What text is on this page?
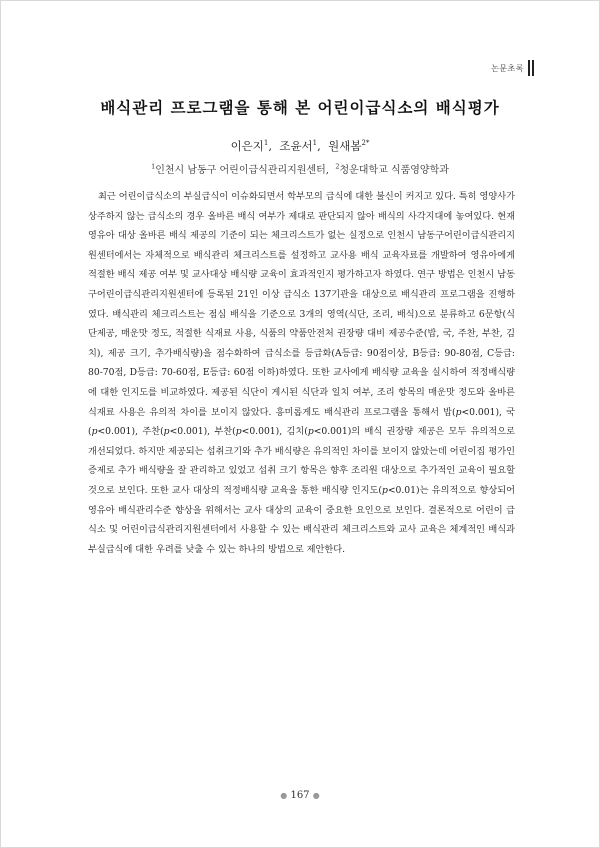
논문초록
배식관리 프로그램을 통해 본 어린이급식소의 배식평가
이은지$^1$,  조윤서$^1$,  원새봄$^{2*}$
$^1$인천시 남동구 어린이급식관리지원센터,  $^2$청운대학교 식품영양학과

최근 어린이급식소의 부실급식이 이슈화되면서 학부모의 급식에 대한 불신이 커지고 있다. 특히 영양사가 상주하지 않는 급식소의 경우 올바른 배식 여부가 제대로 판단되지 않아 배식의 사각지대에 놓여있다. 현재 영유아 대상 올바른 배식 제공의 기준이 되는 체크리스트가 없는 실정으로 인천시 남동구어린이급식관리지원센터에서는 자체적으로 배식관리 체크리스트를 설정하고 교사용 배식 교육자료를 개발하여 영유아에게 적절한 배식 제공 여부 및 교사대상 배식량 교육이 효과적인지 평가하고자 하였다. 연구 방법은 인천시 남동구어린이급식관리지원센터에 등록된 21인 이상 급식소 137기관을 대상으로 배식관리 프로그램을 진행하였다. 배식관리 체크리스트는 점심 배식을 기준으로 3개의 영역(식단, 조리, 배식)으로 분류하고 6문항(식단제공, 매운맛 정도, 적절한 식재료 사용, 식품의 약품안전처 권장량 대비 제공수준(밥, 국, 주찬, 부찬, 김치), 제공 크기, 추가배식량)을 점수화하여 급식소를 등급화(A등급: 90점이상, B등급: 90-80점, C등급: 80-70점, D등급: 70-60점, E등급: 60점 이하)하였다. 또한 교사에게 배식량 교육을 실시하여 적정배식량에 대한 인지도를 비교하였다. 제공된 식단이 게시된 식단과 일치 여부, 조리 항목의 매운맛 정도와 올바른 식재료 사용은 유의적 차이를 보이지 않았다. 흥미롭게도 배식관리 프로그램을 통해서 밥(p<0.001), 국(p<0.001), 주찬(p<0.001), 부찬(p<0.001), 김치(p<0.001)의 배식 권장량 제공은 모두 유의적으로 개선되었다. 하지만 제공되는 섭취크기와 추가 배식량은 유의적인 차이를 보이지 않았는데 어린이집 평가인증제로 추가 배식량을 잘 관리하고 있었고 섭취 크기 항목은 향후 조리원 대상으로 추가적인 교육이 필요할 것으로 보인다. 또한 교사 대상의 적정배식량 교육을 통한 배식량 인지도(p<0.01)는 유의적으로 향상되어 영유아 배식관리수준 향상을 위해서는 교사 대상의 교육이 중요한 요인으로 보인다. 결론적으로 어린이 급식소 및 어린이급식관리지원센터에서 사용할 수 있는 배식관리 체크리스트와 교사 교육은 체계적인 배식과 부실급식에 대한 우려를 낮출 수 있는 하나의 방법으로 제안한다.

● 167 ●
